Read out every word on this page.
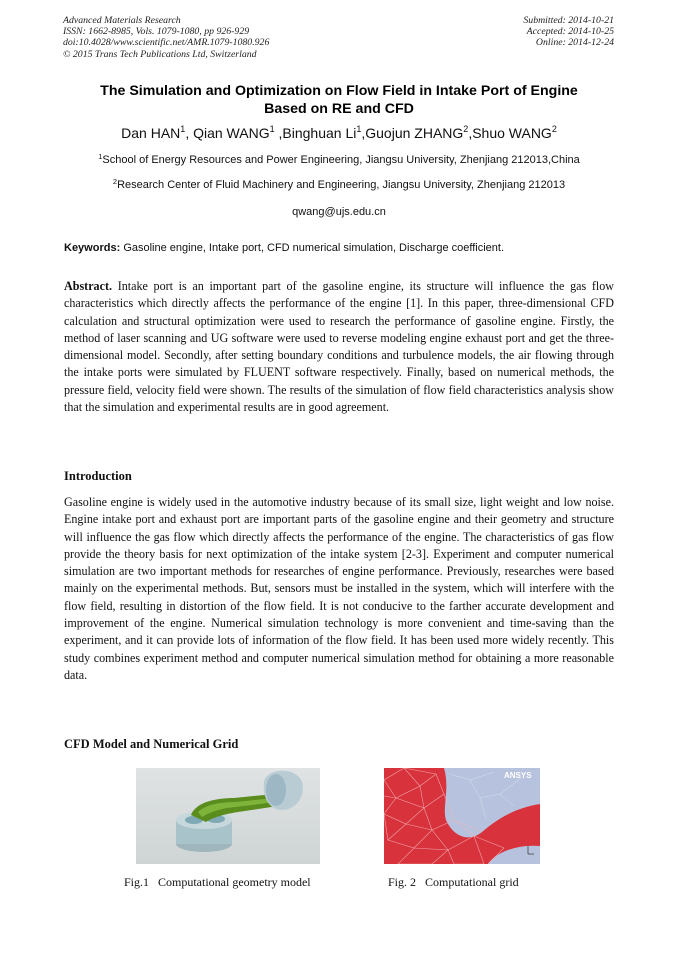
Advanced Materials Research
ISSN: 1662-8985, Vols. 1079-1080, pp 926-929
doi:10.4028/www.scientific.net/AMR.1079-1080.926
© 2015 Trans Tech Publications Ltd, Switzerland
Submitted: 2014-10-21
Accepted: 2014-10-25
Online: 2014-12-24
The Simulation and Optimization on Flow Field in Intake Port of Engine
Based on RE and CFD
Dan HAN$^1$, Qian WANG$^1$ ,Binghuan Li$^1$,Guojun ZHANG$^2$,Shuo WANG$^2$
$^1$School of Energy Resources and Power Engineering, Jiangsu University, Zhenjiang 212013,China
$^2$Research Center of Fluid Machinery and Engineering, Jiangsu University, Zhenjiang 212013
qwang@ujs.edu.cn
Keywords: Gasoline engine, Intake port, CFD numerical simulation, Discharge coefficient.
Abstract. Intake port is an important part of the gasoline engine, its structure will influence the gas flow characteristics which directly affects the performance of the engine [1]. In this paper, three-dimensional CFD calculation and structural optimization were used to research the performance of gasoline engine. Firstly, the method of laser scanning and UG software were used to reverse modeling engine exhaust port and get the three-dimensional model. Secondly, after setting boundary conditions and turbulence models, the air flowing through the intake ports were simulated by FLUENT software respectively. Finally, based on numerical methods, the pressure field, velocity field were shown. The results of the simulation of flow field characteristics analysis show that the simulation and experimental results are in good agreement.
Introduction
Gasoline engine is widely used in the automotive industry because of its small size, light weight and low noise. Engine intake port and exhaust port are important parts of the gasoline engine and their geometry and structure will influence the gas flow which directly affects the performance of the engine. The characteristics of gas flow provide the theory basis for next optimization of the intake system [2-3]. Experiment and computer numerical simulation are two important methods for researches of engine performance. Previously, researches were based mainly on the experimental methods. But, sensors must be installed in the system, which will interfere with the flow field, resulting in distortion of the flow field. It is not conducive to the farther accurate development and improvement of the engine. Numerical simulation technology is more convenient and time-saving than the experiment, and it can provide lots of information of the flow field. It has been used more widely recently. This study combines experiment method and computer numerical simulation method for obtaining a more reasonable data.
CFD Model and Numerical Grid
ANSYS
Fig.1   Computational geometry model	Fig. 2   Computational grid
